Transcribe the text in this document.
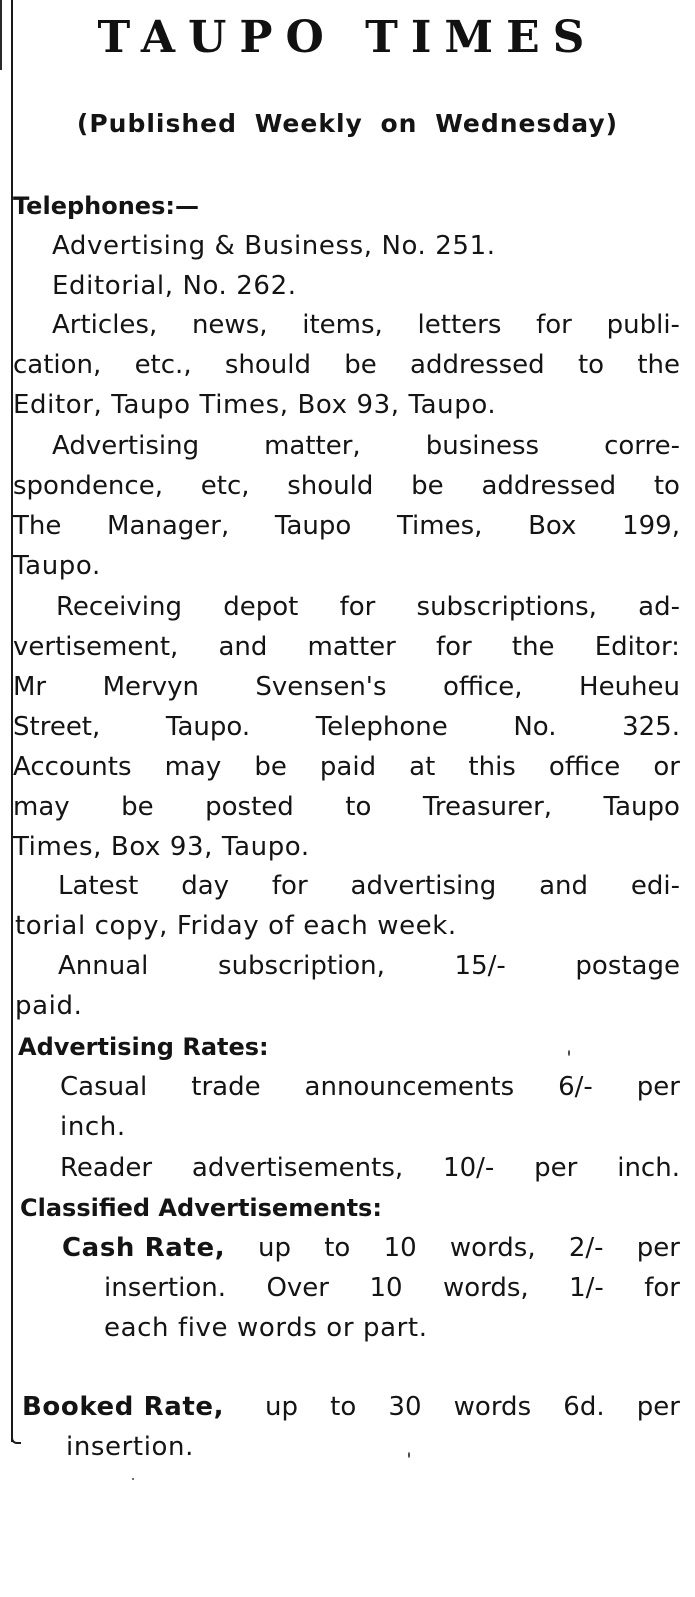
TAUPO TIMES
(Published Weekly on Wednesday)
Telephones:—
Advertising & Business, No. 251.
Editorial, No. 262.
Articles, news, items, letters for publi-
cation, etc., should be addressed to the
Editor, Taupo Times, Box 93, Taupo.
Advertising	matter,	business	corre-
spondence, etc, should be addressed to
The Manager, Taupo Times, Box 199,
Taupo.
Receiving depot for subscriptions, ad-
vertisement, and matter for the Editor:
Mr Mervyn Svensen's office, Heuheu
Street,	Taupo.	Telephone	No.	325.
Accounts may be paid at this office or
may be posted to Treasurer, Taupo
Times, Box 93, Taupo.
Latest day for advertising and edi-
torial copy, Friday of each week.
Annual	subscription,	15/-	postage
paid.
Advertising Rates:
Casual trade announcements 6/- per
inch.
Reader advertisements, 10/- per inch.
Classified Advertisements:
Cash Rate, up to 10 words, 2/- per
insertion. Over 10 words, 1/- for
each five words or part.
Booked Rate, up to 30 words 6d. per
insertion.
